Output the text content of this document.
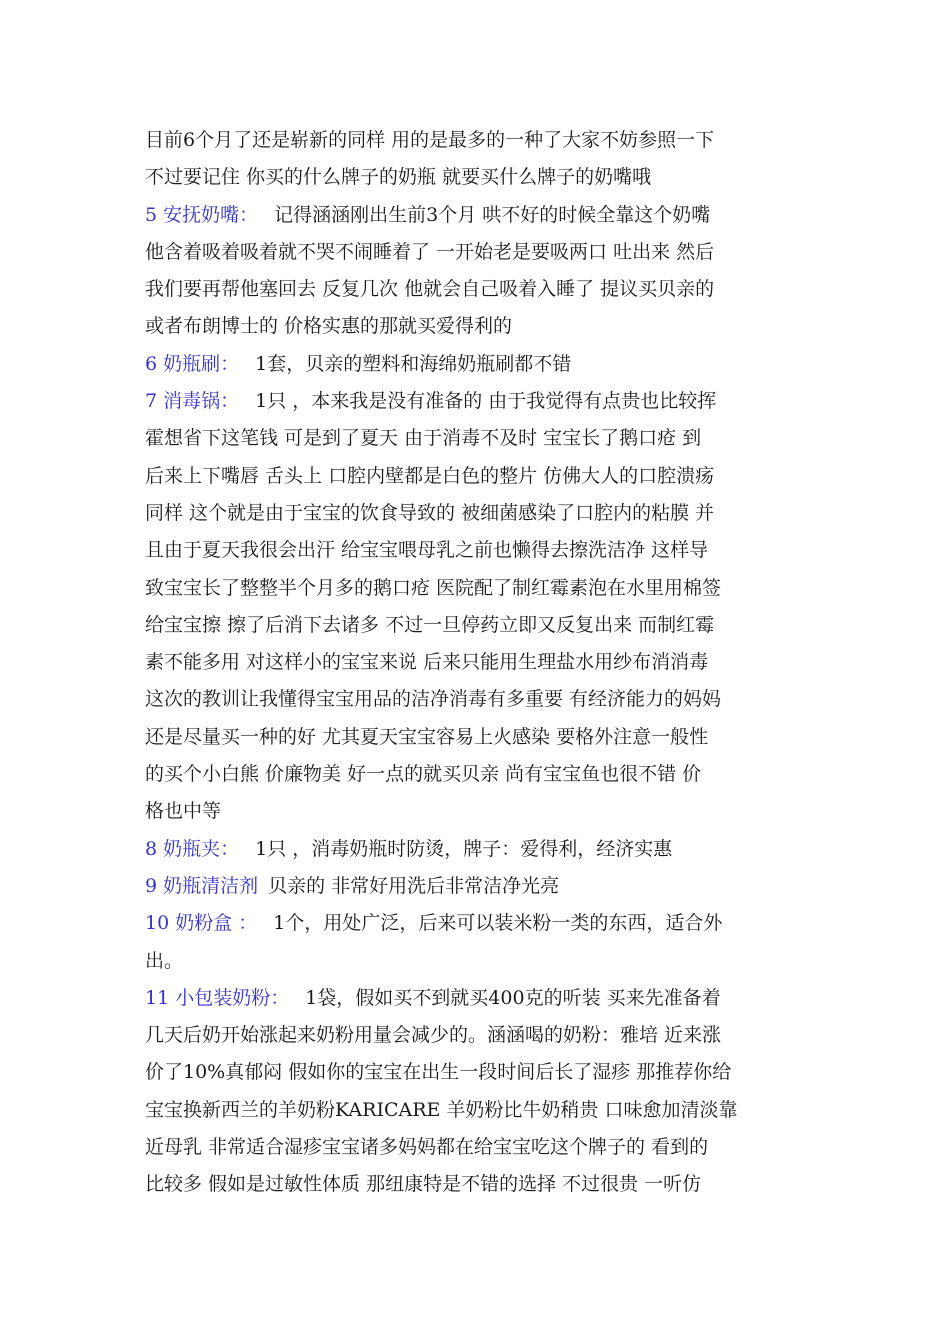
目前6个月了还是崭新的同样 用的是最多的一种了大家不妨参照一下
不过要记住 你买的什么牌子的奶瓶 就要买什么牌子的奶嘴哦
5 安抚奶嘴： 记得涵涵刚出生前3个月 哄不好的时候全靠这个奶嘴
他含着吸着吸着就不哭不闹睡着了 一开始老是要吸两口 吐出来 然后
我们要再帮他塞回去 反复几次 他就会自己吸着入睡了 提议买贝亲的
或者布朗博士的 价格实惠的那就买爱得利的
6 奶瓶刷： 1套，贝亲的塑料和海绵奶瓶刷都不错
7 消毒锅： 1只 ，本来我是没有准备的 由于我觉得有点贵也比较挥
霍想省下这笔钱 可是到了夏天 由于消毒不及时 宝宝长了鹅口疮 到
后来上下嘴唇 舌头上 口腔内壁都是白色的整片 仿佛大人的口腔溃疡
同样 这个就是由于宝宝的饮食导致的 被细菌感染了口腔内的粘膜 并
且由于夏天我很会出汗 给宝宝喂母乳之前也懒得去擦洗洁净 这样导
致宝宝长了整整半个月多的鹅口疮 医院配了制红霉素泡在水里用棉签
给宝宝擦 擦了后消下去诸多 不过一旦停药立即又反复出来 而制红霉
素不能多用 对这样小的宝宝来说 后来只能用生理盐水用纱布消消毒
这次的教训让我懂得宝宝用品的洁净消毒有多重要 有经济能力的妈妈
还是尽量买一种的好 尤其夏天宝宝容易上火感染 要格外注意一般性
的买个小白熊 价廉物美 好一点的就买贝亲 尚有宝宝鱼也很不错 价
格也中等
8 奶瓶夹： 1只 ，消毒奶瓶时防烫，牌子：爱得利，经济实惠
9 奶瓶清洁剂 贝亲的 非常好用洗后非常洁净光亮
10 奶粉盒 ： 1个，用处广泛，后来可以装米粉一类的东西，适合外
出。
11 小包装奶粉： 1袋，假如买不到就买400克的听装 买来先准备着
几天后奶开始涨起来奶粉用量会减少的。涵涵喝的奶粉：雅培 近来涨
价了10%真郁闷 假如你的宝宝在出生一段时间后长了湿疹 那推荐你给
宝宝换新西兰的羊奶粉KARICARE 羊奶粉比牛奶稍贵 口味愈加清淡靠
近母乳 非常适合湿疹宝宝诸多妈妈都在给宝宝吃这个牌子的 看到的
比较多 假如是过敏性体质 那纽康特是不错的选择 不过很贵 一听仿
